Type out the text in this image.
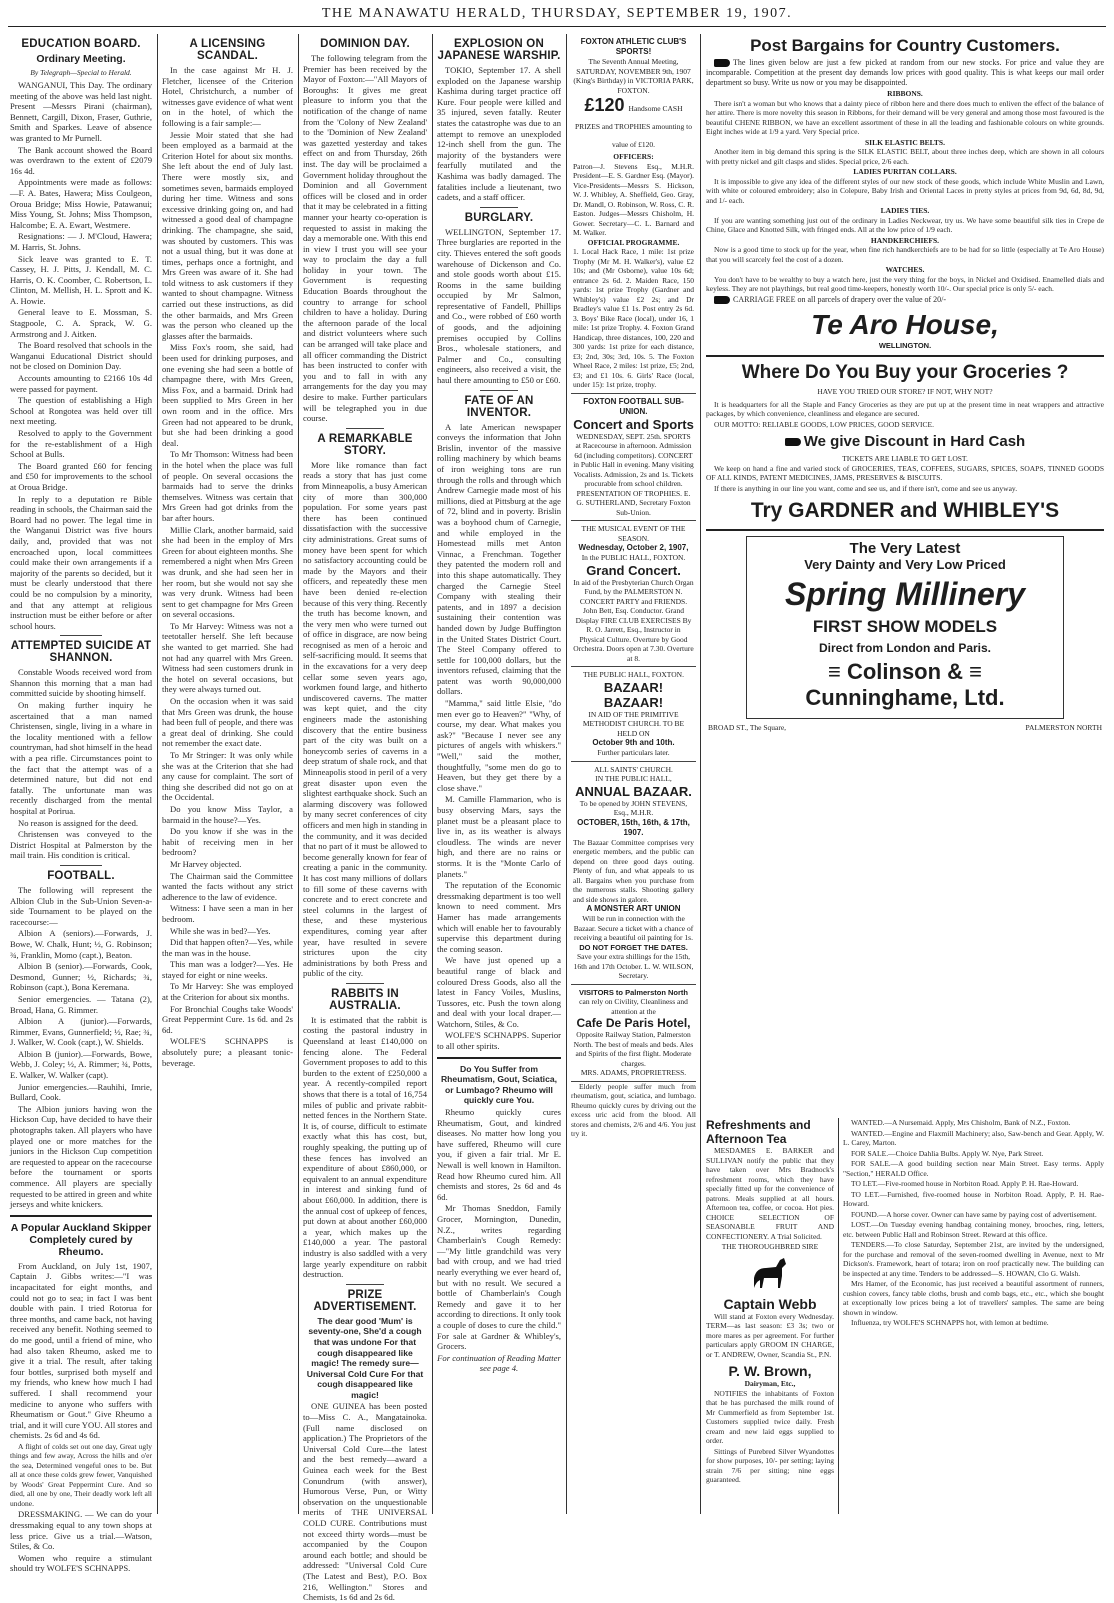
THE MANAWATU HERALD, THURSDAY, SEPTEMBER 19, 1907.
EDUCATION BOARD.
Ordinary Meeting.
By Telegraph—Special to Herald.

WANGANUI, This Day. The ordinary meeting of the above was held last night. Present —Messrs Pirani (chairman), Bennett, Cargill, Dixon, Fraser, Guthrie, Smith and Sparkes. Leave of absence was granted to Mr Purnell.

The Bank account showed the Board was overdrawn to the extent of £2079 16s 4d.

Appointments were made as follows:—F. A. Bates, Hawera; Miss Coulgeon, Oroua Bridge; Miss Howie, Patawanui; Miss Young, St. Johns; Miss Thompson, Halcombe; E. A. Ewart, Westmere.

Resignations: — J. M'Cloud, Hawera; M. Harris, St. Johns.

Sick leave was granted to E. T. Cassey, H. J. Pitts, J. Kendall, M. C. Harris, O. K. Coomber, C. Robertson, L. Clinton, M. Mellish, H. L. Sprott and K. A. Howie.

General leave to E. Mossman, S. Stagpoole, C. A. Sprack, W. G. Armstrong and J. Aitken.

The Board resolved that schools in the Wanganui Educational District should not be closed on Dominion Day.

Accounts amounting to £2166 10s 4d were passed for payment.

The question of establishing a High School at Rongotea was held over till next meeting.

Resolved to apply to the Government for the re-establishment of a High School at Bulls.

The Board granted £60 for fencing and £50 for improvements to the school at Oroua Bridge.

In reply to a deputation re Bible reading in schools, the Chairman said the Board had no power. The legal time in the Wanganui District was five hours daily, and, provided that was not encroached upon, local committees could make their own arrangements if a majority of the parents so decided, but it must be clearly understood that there could be no compulsion by a minority, and that any attempt at religious instruction must be either before or after school hours.

ATTEMPTED SUICIDE AT SHANNON.

Constable Woods received word from Shannon this morning that a man had committed suicide by shooting himself.

On making further inquiry he ascertained that a man named Christensen, single, living in a whare in the locality mentioned with a fellow countryman, had shot himself in the head with a pea rifle. Circumstances point to the fact that the attempt was of a determined nature, but did not end fatally. The unfortunate man was recently discharged from the mental hospital at Porirua.

No reason is assigned for the deed.

Christensen was conveyed to the District Hospital at Palmerston by the mail train. His condition is critical.

FOOTBALL.

The following will represent the Albion Club in the Sub-Union Seven-a-side Tournament to be played on the racecourse:—

Albion A (seniors).—Forwards, J. Bowe, W. Chalk, Hunt; ½, G. Robinson; ¾, Franklin, Momo (capt.), Beaton.

Albion B (senior).—Forwards, Cook, Desmond, Gunner; ½, Richards; ¾, Robinson (capt.), Bona Keremana.

Senior emergencies. — Tatana (2), Broad, Hana, G. Rimmer.

Albion A (junior).—Forwards, Rimmer, Evans, Gunnerfield; ½, Rae; ¾, J. Walker, W. Cook (capt.), W. Shields.

Albion B (junior).—Forwards, Bowe, Webb, J. Coley; ½, A. Rimmer; ¾, Potts, E. Walker, W. Walker (capt).

Junior emergencies.—Rauhihi, Imrie, Bullard, Cook.

The Albion juniors having won the Hickson Cup, have decided to have their photographs taken. All players who have played one or more matches for the juniors in the Hickson Cup competition are requested to appear on the racecourse before the tournament or sports commence. All players are specially requested to be attired in green and white jerseys and white knickers.

A Popular Auckland Skipper Completely cured by Rheumo.

From Auckland, on July 1st, 1907, Captain J. Gibbs writes:—"I was incapacitated for eight months, and could not go to sea; in fact I was bent double with pain. I tried Rotorua for three months, and came back, not having received any benefit. Nothing seemed to do me good, until a friend of mine, who had also taken Rheumo, asked me to give it a trial. The result, after taking four bottles, surprised both myself and my friends, who knew how much I had suffered. I shall recommend your medicine to anyone who suffers with Rheumatism or Gout." Give Rheumo a trial, and it will cure YOU. All stores and chemists. 2s 6d and 4s 6d.

A flight of colds set out one day, Great ugly things and few away, Across the hills and o'er the sea, Determined vengeful ones to be. But all at once these colds grew fewer, Vanquished by Woods' Great Peppermint Cure. And so died, all one by one, Their deadly work left all undone.

DRESSMAKING. — We can do your dressmaking equal to any town shops at less price. Give us a trial.—Watson, Stiles, & Co.

Women who require a stimulant should try WOLFE'S SCHNAPPS.

A LICENSING SCANDAL.

In the case against Mr H. J. Fletcher, licensee of the Criterion Hotel, Christchurch, a number of witnesses gave evidence of what went on in the hotel, of which the following is a fair sample:—

Jessie Moir stated that she had been employed as a barmaid at the Criterion Hotel for about six months. She left about the end of July last. There were mostly six, and sometimes seven, barmaids employed during her time. Witness and sons excessive drinking going on, and had witnessed a good deal of champagne drinking. The champagne, she said, was shouted by customers. This was not a usual thing, but it was done at times, perhaps once a fortnight, and Mrs Green was aware of it. She had told witness to ask customers if they wanted to shout champagne. Witness carried out these instructions, as did the other barmaids, and Mrs Green was the person who cleaned up the glasses after the barmaids.

Miss Fox's room, she said, had been used for drinking purposes, and one evening she had seen a bottle of champagne there, with Mrs Green, Miss Fox, and a barmaid. Drink had been supplied to Mrs Green in her own room and in the office. Mrs Green had not appeared to be drunk, but she had been drinking a good deal.

To Mr Thomson: Witness had been in the hotel when the place was full of people. On several occasions the barmaids had to serve the drinks themselves. Witness was certain that Mrs Green had got drinks from the bar after hours.

Millie Clark, another barmaid, said she had been in the employ of Mrs Green for about eighteen months. She remembered a night when Mrs Green was drunk, and she had seen her in her room, but she would not say she was very drunk. Witness had been sent to get champagne for Mrs Green on several occasions.

To Mr Harvey: Witness was not a teetotaller herself. She left because she wanted to get married. She had not had any quarrel with Mrs Green. Witness had seen customers drunk in the hotel on several occasions, but they were always turned out.

On the occasion when it was said that Mrs Green was drunk, the house had been full of people, and there was a great deal of drinking. She could not remember the exact date.

To Mr Stringer: It was only while she was at the Criterion that she had any cause for complaint. The sort of thing she described did not go on at the Occidental.

Do you know Miss Taylor, a barmaid in the house?—Yes.

Do you know if she was in the habit of receiving men in her bedroom?

Mr Harvey objected.

The Chairman said the Committee wanted the facts without any strict adherence to the law of evidence.

Witness: I have seen a man in her bedroom.

While she was in bed?—Yes.

Did that happen often?—Yes, while the man was in the house.

This man was a lodger?—Yes. He stayed for eight or nine weeks.

To Mr Harvey: She was employed at the Criterion for about six months.

For Bronchial Coughs take Woods' Great Peppermint Cure. 1s 6d. and 2s 6d.

WOLFE'S SCHNAPPS is absolutely pure; a pleasant tonic-beverage.

DOMINION DAY.

The following telegram from the Premier has been received by the Mayor of Foxton:—"All Mayors of Boroughs: It gives me great pleasure to inform you that the notification of the change of name from the 'Colony of New Zealand' to the 'Dominion of New Zealand' was gazetted yesterday and takes effect on and from Thursday, 26th inst. The day will be proclaimed a Government holiday throughout the Dominion and all Government offices will be closed and in order that it may be celebrated in a fitting manner your hearty co-operation is requested to assist in making the day a memorable one. With this end in view I trust you will see your way to proclaim the day a full holiday in your town. The Government is requesting Education Boards throughout the country to arrange for school children to have a holiday. During the afternoon parade of the local and district volunteers where such can be arranged will take place and all officer commanding the District has been instructed to confer with you and to fall in with any arrangements for the day you may desire to make. Further particulars will be telegraphed you in due course.

A REMARKABLE STORY.

More like romance than fact reads a story that has just come from Minneapolis, a busy American city of more than 300,000 population. For some years past there has been continued dissatisfaction with the successive city administrations. Great sums of money have been spent for which no satisfactory accounting could be made by the Mayors and their officers, and repeatedly these men have been denied re-election because of this very thing. Recently the truth has become known, and the very men who were turned out of office in disgrace, are now being recognised as men of a heroic and self-sacrificing mould. It seems that in the excavations for a very deep cellar some seven years ago, workmen found large, and hitherto undiscovered caverns. The matter was kept quiet, and the city engineers made the astonishing discovery that the entire business part of the city was built on a honeycomb series of caverns in a deep stratum of shale rock, and that Minneapolis stood in peril of a very great disaster upon even the slightest earthquake shock. Such an alarming discovery was followed by many secret conferences of city officers and men high in standing in the community, and it was decided that no part of it must be allowed to become generally known for fear of creating a panic in the community. It has cost many millions of dollars to fill some of these caverns with concrete and to erect concrete and steel columns in the largest of these, and these mysterious expenditures, coming year after year, have resulted in severe strictures upon the city administrations by both Press and public of the city.

RABBITS IN AUSTRALIA.

It is estimated that the rabbit is costing the pastoral industry in Queensland at least £140,000 on fencing alone. The Federal Government proposes to add to this burden to the extent of £250,000 a year. A recently-compiled report shows that there is a total of 16,754 miles of public and private rabbit-netted fences in the Northern State. It is, of course, difficult to estimate exactly what this has cost, but, roughly speaking, the putting up of these fences has involved an expenditure of about £860,000, or equivalent to an annual expenditure in interest and sinking fund of about £60,000. In addition, there is the annual cost of upkeep of fences, put down at about another £60,000 a year, which makes up the £140,000 a year. The pastoral industry is also saddled with a very large yearly expenditure on rabbit destruction.

PRIZE ADVERTISEMENT.

The dear good 'Mum' is seventy-one, She'd a cough that was undone For that cough disappeared like magic! The remedy sure—Universal Cold Cure For that cough disappeared like magic!

ONE GUINEA has been posted to—Miss C. A., Mangatainoka. (Full name disclosed on application.) The Proprietors of the Universal Cold Cure—the latest and the best remedy—award a Guinea each week for the Best Conundrum (with answer), Humorous Verse, Pun, or Witty observation on the unquestionable merits of THE UNIVERSAL COLD CURE. Contributions must not exceed thirty words—must be accompanied by the Coupon around each bottle; and should be addressed: "Universal Cold Cure (The Latest and Best), P.O. Box 216, Wellington." Stores and Chemists, 1s 6d and 2s 6d.

EXPLOSION ON JAPANESE WARSHIP.

TOKIO, September 17. A shell exploded on the Japanese warship Kashima during target practice off Kure. Four people were killed and 35 injured, seven fatally. Reuter states the catastrophe was due to an attempt to remove an unexploded 12-inch shell from the gun. The majority of the bystanders were fearfully mutilated and the Kashima was badly damaged. The fatalities include a lieutenant, two cadets, and a staff officer.

BURGLARY.

WELLINGTON, September 17. Three burglaries are reported in the city. Thieves entered the soft goods warehouse of Dickenson and Co. and stole goods worth about £15. Rooms in the same building occupied by Mr Salmon, representative of Fandell, Phillips and Co., were robbed of £60 worth of goods, and the adjoining premises occupied by Collins Bros., wholesale stationers, and Palmer and Co., consulting engineers, also received a visit, the haul there amounting to £50 or £60.

FATE OF AN INVENTOR.

A late American newspaper conveys the information that John Brislin, inventor of the massive rolling machinery by which beams of iron weighing tons are run through the rolls and through which Andrew Carnegie made most of his millions, died at Pittsburg at the age of 72, blind and in poverty. Brislin was a boyhood chum of Carnegie, and while employed in the Homestead mills met Anton Vinnac, a Frenchman. Together they patented the modern roll and into this shape automatically. They charged the Carnegie Steel Company with stealing their patents, and in 1897 a decision sustaining their contention was handed down by Judge Buffington in the United States District Court. The Steel Company offered to settle for 100,000 dollars, but the inventors refused, claiming that the patent was worth 90,000,000 dollars.

"Mamma," said little Elsie, "do men ever go to Heaven?" "Why, of course, my dear. What makes you ask?" "Because I never see any pictures of angels with whiskers." "Well," said the mother, thoughtfully, "some men do go to Heaven, but they get there by a close shave."

M. Camille Flammarion, who is busy observing Mars, says the planet must be a pleasant place to live in, as its weather is always cloudless. The winds are never high, and there are no rains or storms. It is the "Monte Carlo of planets."

The reputation of the Economic dressmaking department is too well known to need comment. Mrs Hamer has made arrangements which will enable her to favourably supervise this department during the coming season.

We have just opened up a beautiful range of black and coloured Dress Goods, also all the latest in Fancy Voiles, Muslins, Tussores, etc. Push the town along and deal with your local draper.—Watchorn, Stiles, & Co.

WOLFE'S SCHNAPPS. Superior to all other spirits.

Do You Suffer from Rheumatism, Gout, Sciatica, or Lumbago? Rheumo will quickly cure You.

Rheumo quickly cures Rheumatism, Gout, and kindred diseases. No matter how long you have suffered, Rheumo will cure you, if given a fair trial. Mr E. Newall is well known in Hamilton. Read how Rheumo cured him. All chemists and stores, 2s 6d and 4s 6d.

Mr Thomas Sneddon, Family Grocer, Mornington, Dunedin, N.Z., writes regarding Chamberlain's Cough Remedy:—"My little grandchild was very bad with croup, and we had tried nearly everything we ever heard of, but with no result. We secured a bottle of Chamberlain's Cough Remedy and gave it to her according to directions. It only took a couple of doses to cure the child." For sale at Gardner & Whibley's, Grocers.

For continuation of Reading Matter see page 4.

FOXTON ATHLETIC CLUB'S SPORTS!
The Seventh Annual Meeting, SATURDAY, NOVEMBER 9th, 1907 (King's Birthday) in VICTORIA PARK, FOXTON.
£120 Handsome CASH PRIZES and TROPHIES amounting to value of £120.
OFFICERS:
Patron—J. Stevens Esq., M.H.R. President—E. S. Gardner Esq. (Mayor). Vice-Presidents—Messrs S. Hickson, W. J. Whibley, A. Sheffield, Geo. Gray, Dr. Mandl, O. Robinson, W. Ross, C. R. Easton. Judges—Messrs Chisholm, H. Gower. Secretary—C. L. Barnard and M. Walker.
OFFICIAL PROGRAMME.
1. Local Hack Race, 1 mile: 1st prize Trophy (Mr M. H. Walker's), value £2 10s; and (Mr Osborne), value 10s 6d; entrance 2s 6d. 2. Maiden Race, 150 yards: 1st prize Trophy (Gardner and Whibley's) value £2 2s; and Dr Bradley's value £1 1s. Post entry 2s 6d. 3. Boys' Bike Race (local), under 16, 1 mile: 1st prize Trophy. 4. Foxton Grand Handicap, three distances, 100, 220 and 300 yards: 1st prize for each distance, £3; 2nd, 30s; 3rd, 10s. 5. The Foxton Wheel Race, 2 miles: 1st prize, £5; 2nd, £3; and £1 10s. 6. Girls' Race (local, under 15): 1st prize, trophy.
FOXTON FOOTBALL SUB-UNION.
Concert and Sports
WEDNESDAY, SEPT. 25th. SPORTS at Racecourse in afternoon. Admission 6d (including competitors). CONCERT in Public Hall in evening. Many visiting Vocalists. Admission, 2s and 1s. Tickets procurable from school children. PRESENTATION OF TROPHIES. E. G. SUTHERLAND, Secretary Foxton Sub-Union.
THE MUSICAL EVENT OF THE SEASON.
Wednesday, October 2, 1907,
In the PUBLIC HALL, FOXTON.
Grand Concert.
In aid of the Presbyterian Church Organ Fund, by the PALMERSTON N. CONCERT PARTY and FRIENDS. John Bett, Esq. Conductor. Grand Display FIRE CLUB EXERCISES By R. O. Jarrett, Esq., Instructor in Physical Culture. Overture by Good Orchestra. Doors open at 7.30. Overture at 8.
THE PUBLIC HALL, FOXTON.
BAZAAR! BAZAAR!
IN AID OF THE PRIMITIVE METHODIST CHURCH. TO BE HELD ON
October 9th and 10th.
Further particulars later.
ALL SAINTS' CHURCH.
IN THE PUBLIC HALL,
ANNUAL BAZAAR.
To be opened by JOHN STEVENS, Esq., M.H.R.
OCTOBER, 15th, 16th, & 17th, 1907.
The Bazaar Committee comprises very energetic members, and the public can depend on three good days outing. Plenty of fun, and what appeals to us all. Bargains when you purchase from the numerous stalls. Shooting gallery and side shows in galore.
A MONSTER ART UNION
Will be run in connection with the Bazaar. Secure a ticket with a chance of receiving a beautiful oil painting for 1s.
DO NOT FORGET THE DATES.
Save your extra shillings for the 15th, 16th and 17th October. L. W. WILSON, Secretary.
VISITORS to Palmerston North
can rely on Civility, Cleanliness and attention at the
Cafe De Paris Hotel,
Opposite Railway Station, Palmerston North. The best of meals and beds. Ales and Spirits of the first flight. Moderate charges.
MRS. ADAMS, PROPRIETRESS.

Elderly people suffer much from rheumatism, gout, sciatica, and lumbago. Rheumo quickly cures by driving out the excess uric acid from the blood. All stores and chemists, 2/6 and 4/6. You just try it.

Post Bargains for Country Customers.

The lines given below are just a few picked at random from our new stocks. For price and value they are incomparable. Competition at the present day demands low prices with good quality. This is what keeps our mail order department so busy. Write us now or you may be disappointed.

RIBBONS.

There isn't a woman but who knows that a dainty piece of ribbon here and there does much to enliven the effect of the balance of her attire. There is more novelty this season in Ribbons, for their demand will be very general and among those most favoured is the beautiful CHENE RIBBON, we have an excellent assortment of these in all the leading and fashionable colours on white grounds. Eight inches wide at 1/9 a yard. Very Special price.

SILK ELASTIC BELTS.

Another item in big demand this spring is the SILK ELASTIC BELT, about three inches deep, which are shown in all colours with pretty nickel and gilt clasps and slides. Special price, 2/6 each.

LADIES PURITAN COLLARS.

It is impossible to give any idea of the different styles of our new stock of these goods, which include White Muslin and Lawn, with white or coloured embroidery; also in Colepure, Baby Irish and Oriental Laces in pretty styles at prices from 9d, 6d, 8d, 9d, and 1/- each.

LADIES TIES.

If you are wanting something just out of the ordinary in Ladies Neckwear, try us. We have some beautiful silk ties in Crepe de Chine, Glace and Knotted Silk, with fringed ends. All at the low price of 1/9 each.

HANDKERCHIEFS.

Now is a good time to stock up for the year, when fine rich handkerchiefs are to be had for so little (especially at Te Aro House) that you will scarcely feel the cost of a dozen.

WATCHES.

You don't have to be wealthy to buy a watch here, just the very thing for the boys, in Nickel and Oxidised. Enamelled dials and keyless. They are not playthings, but real good time-keepers, honestly worth 10/-. Our special price is only 5/- each.

CARRIAGE FREE on all parcels of drapery over the value of 20/-

Te Aro House,
WELLINGTON.
Where Do You Buy your Groceries ?
HAVE YOU TRIED OUR STORE? IF NOT, WHY NOT?

It is headquarters for all the Staple and Fancy Groceries as they are put up at the present time in neat wrappers and attractive packages, by which convenience, cleanliness and elegance are secured.

OUR MOTTO: RELIABLE GOODS, LOW PRICES, GOOD SERVICE.

We give Discount in Hard Cash
TICKETS ARE LIABLE TO GET LOST.

We keep on hand a fine and varied stock of GROCERIES, TEAS, COFFEES, SUGARS, SPICES, SOAPS, TINNED GOODS OF ALL KINDS, PATENT MEDICINES, JAMS, PRESERVES & BISCUITS.

If there is anything in our line you want, come and see us, and if there isn't, come and see us anyway.

Try GARDNER and WHIBLEY'S
The Very Latest
Very Dainty and Very Low Priced
Spring Millinery
FIRST SHOW MODELS
Direct from London and Paris.
≡ Colinson & ≡ Cunninghame, Ltd.
BROAD ST., The Square,	PALMERSTON NORTH
Refreshments and Afternoon Tea

MESDAMES E. BARKER and SULLIVAN notify the public that they have taken over Mrs Bradnock's refreshment rooms, which they have specially fitted up for the convenience of patrons. Meals supplied at all hours. Afternoon tea, coffee, or cocoa. Hot pies. CHOICE SELECTION OF SEASONABLE FRUIT AND CONFECTIONERY. A Trial Solicited.

THE THOROUGHBRED SIRE
Captain Webb

Will stand at Foxton every Wednesday. TERM—as last season: £3 3s; two or more mares as per agreement. For further particulars apply GROOM IN CHARGE, or T. ANDREW, Owner, Scandia St., P.N.

P. W. Brown,
Dairyman, Etc.,

NOTIFIES the inhabitants of Foxton that he has purchased the milk round of Mr Cummerfield as from September 1st. Customers supplied twice daily. Fresh cream and new laid eggs supplied to order.

Sittings of Purebred Silver Wyandottes for show purposes, 10/- per setting; laying strain 7/6 per sitting; nine eggs guaranteed.

WANTED.—A Nursemaid. Apply, Mrs Chisholm, Bank of N.Z., Foxton.

WANTED.—Engine and Flaxmill Machinery; also, Saw-bench and Gear. Apply, W. L. Carey, Marton.

FOR SALE.—Choice Dahlia Bulbs. Apply W. Nye, Park Street.

FOR SALE.—A good building section near Main Street. Easy terms. Apply "Section," HERALD Office.

TO LET.—Five-roomed house in Norbiton Road. Apply P. H. Rae-Howard.

TO LET.—Furnished, five-roomed house in Norbiton Road. Apply, P. H. Rae-Howard.

FOUND.—A horse cover. Owner can have same by paying cost of advertisement.

LOST.—On Tuesday evening handbag containing money, brooches, ring, letters, etc. between Public Hall and Robinson Street. Reward at this office.

TENDERS.—To close Saturday, September 21st, are invited by the undersigned, for the purchase and removal of the seven-roomed dwelling in Avenue, next to Mr Dickson's. Framework, heart of totara; iron on roof practically new. The building can be inspected at any time. Tenders to be addressed—S. HOWAN, Clo G. Walsh.

Mrs Hamer, of the Economic, has just received a beautiful assortment of runners, cushion covers, fancy table cloths, brush and comb bags, etc., etc., which she bought at exceptionally low prices being a lot of travellers' samples. The same are being shown in window.

Influenza, try WOLFE'S SCHNAPPS hot, with lemon at bedtime.
